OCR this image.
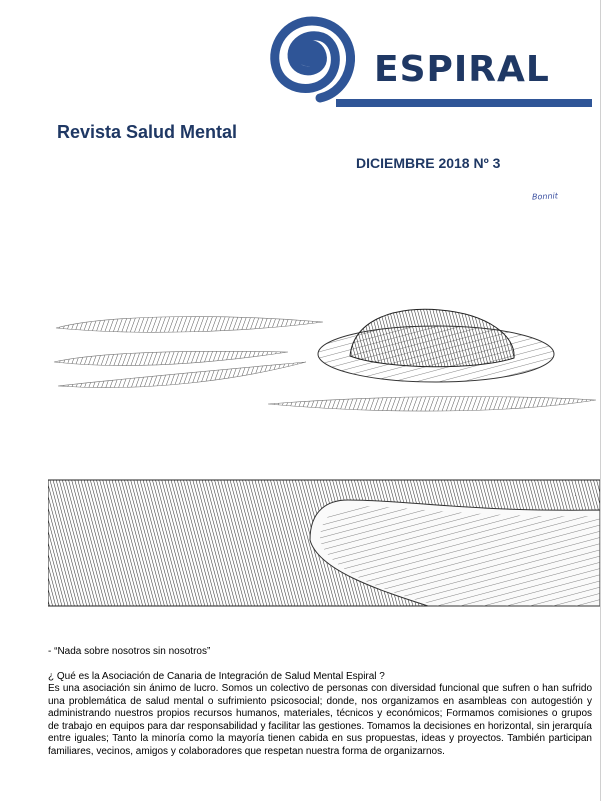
ESPIRAL
Revista Salud Mental
DICIEMBRE 2018 Nº 3
Bonnit
- “Nada sobre nosotros sin nosotros”
¿ Qué es la Asociación de Canaria de Integración de Salud Mental Espiral ?

Es una asociación sin ánimo de lucro. Somos un colectivo de personas con diversidad funcional que sufren o han sufrido una problemática de salud mental o sufrimiento psicosocial; donde, nos organizamos en asambleas con autogestión y administrando nuestros propios recursos humanos, materiales, técnicos y económicos; Formamos comisiones o grupos de trabajo en equipos para dar responsabilidad y facilitar las gestiones. Tomamos la decisiones en horizontal, sin jerarquía entre iguales; Tanto la minoría como la mayoría tienen cabida en sus propuestas, ideas y proyectos. También participan familiares, vecinos, amigos y colaboradores que respetan nuestra forma de organizarnos.
